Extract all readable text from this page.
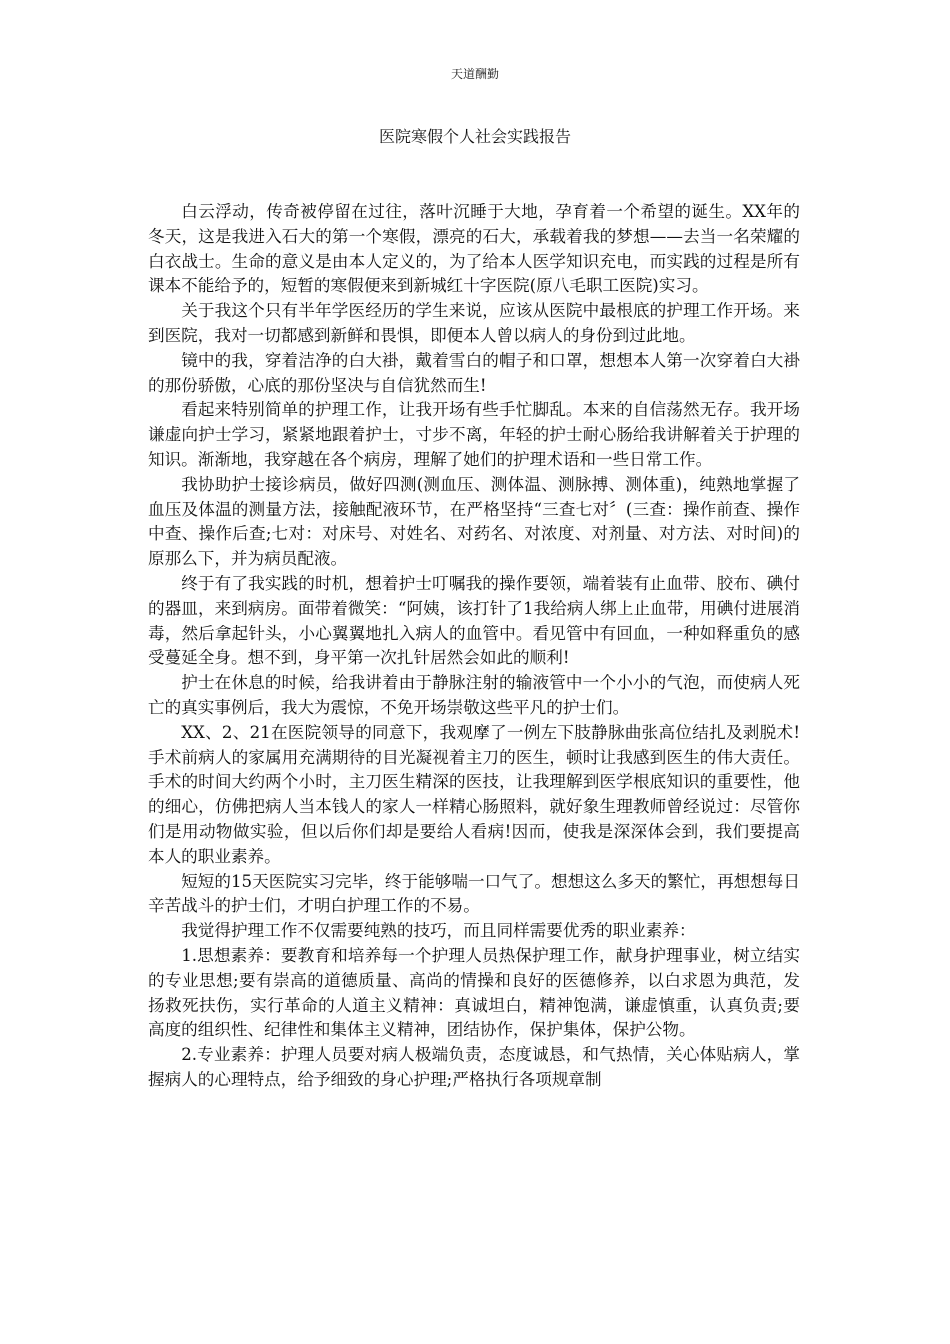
天道酬勤
医院寒假个人社会实践报告

白云浮动，传奇被停留在过往，落叶沉睡于大地，孕育着一个希望的诞生。XX年的冬天，这是我进入石大的第一个寒假，漂亮的石大，承载着我的梦想——去当一名荣耀的白衣战士。生命的意义是由本人定义的，为了给本人医学知识充电，而实践的过程是所有课本不能给予的，短暂的寒假便来到新城红十字医院(原八毛职工医院)实习。

关于我这个只有半年学医经历的学生来说，应该从医院中最根底的护理工作开场。来到医院，我对一切都感到新鲜和畏惧，即便本人曾以病人的身份到过此地。

镜中的我，穿着洁净的白大褂，戴着雪白的帽子和口罩，想想本人第一次穿着白大褂的那份骄傲，心底的那份坚决与自信犹然而生!

看起来特别简单的护理工作，让我开场有些手忙脚乱。本来的自信荡然无存。我开场谦虚向护士学习，紧紧地跟着护士，寸步不离，年轻的护士耐心肠给我讲解着关于护理的知识。渐渐地，我穿越在各个病房，理解了她们的护理术语和一些日常工作。

我协助护士接诊病员，做好四测(测血压、测体温、测脉搏、测体重)，纯熟地掌握了血压及体温的测量方法，接触配液环节，在严格坚持“三查七对〞(三查：操作前查、操作中查、操作后查;七对：对床号、对姓名、对药名、对浓度、对剂量、对方法、对时间)的原那么下，并为病员配液。

终于有了我实践的时机，想着护士叮嘱我的操作要领，端着装有止血带、胶布、碘付的器皿，来到病房。面带着微笑：“阿姨，该打针了1我给病人绑上止血带，用碘付进展消毒，然后拿起针头，小心翼翼地扎入病人的血管中。看见管中有回血，一种如释重负的感受蔓延全身。想不到，身平第一次扎针居然会如此的顺利!

护士在休息的时候，给我讲着由于静脉注射的输液管中一个小小的气泡，而使病人死亡的真实事例后，我大为震惊，不免开场崇敬这些平凡的护士们。

XX、2、21在医院领导的同意下，我观摩了一例左下肢静脉曲张高位结扎及剥脱术!手术前病人的家属用充满期待的目光凝视着主刀的医生，顿时让我感到医生的伟大责任。手术的时间大约两个小时，主刀医生精深的医技，让我理解到医学根底知识的重要性，他的细心，仿佛把病人当本钱人的家人一样精心肠照料，就好象生理教师曾经说过：尽管你们是用动物做实验，但以后你们却是要给人看病!因而，使我是深深体会到，我们要提高本人的职业素养。

短短的15天医院实习完毕，终于能够喘一口气了。想想这么多天的繁忙，再想想每日辛苦战斗的护士们，才明白护理工作的不易。

我觉得护理工作不仅需要纯熟的技巧，而且同样需要优秀的职业素养：

1.思想素养：要教育和培养每一个护理人员热保护理工作，献身护理事业，树立结实的专业思想;要有崇高的道德质量、高尚的情操和良好的医德修养，以白求恩为典范，发扬救死扶伤，实行革命的人道主义精神：真诚坦白，精神饱满，谦虚慎重，认真负责;要高度的组织性、纪律性和集体主义精神，团结协作，保护集体，保护公物。

2.专业素养：护理人员要对病人极端负责，态度诚恳，和气热情，关心体贴病人，掌握病人的心理特点，给予细致的身心护理;严格执行各项规章制
